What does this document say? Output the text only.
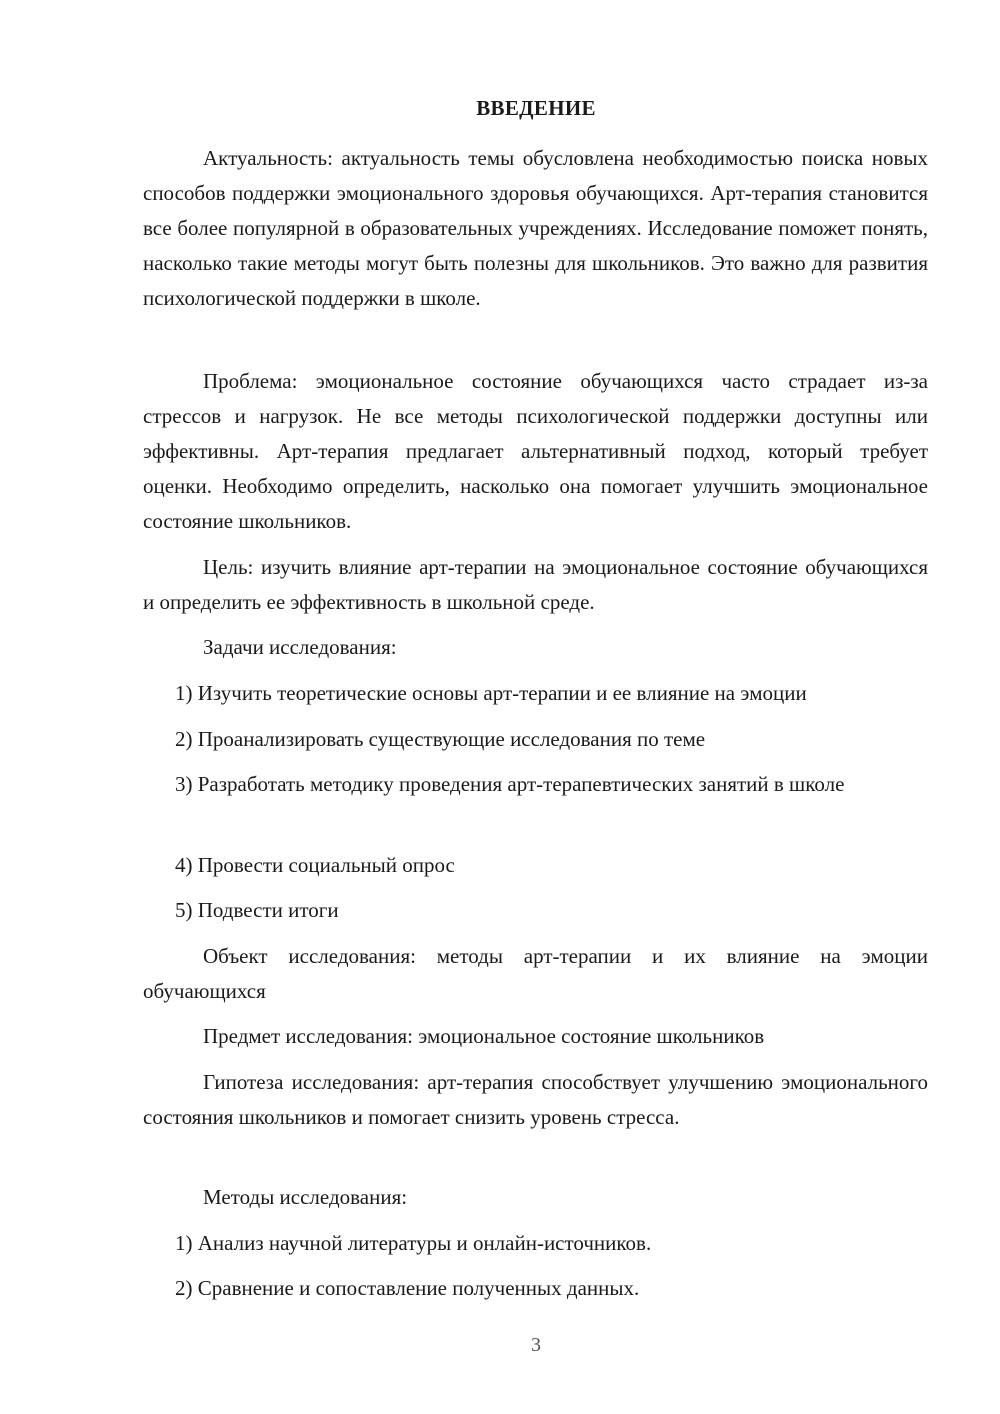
ВВЕДЕНИЕ

Актуальность: актуальность темы обусловлена необходимостью поиска новых способов поддержки эмоционального здоровья обучающихся. Арт-терапия становится все более популярной в образовательных учреждениях. Исследование поможет понять, насколько такие методы могут быть полезны для школьников. Это важно для развития психологической поддержки в школе.

Проблема: эмоциональное состояние обучающихся часто страдает из-за стрессов и нагрузок. Не все методы психологической поддержки доступны или эффективны. Арт-терапия предлагает альтернативный подход, который требует оценки. Необходимо определить, насколько она помогает улучшить эмоциональное состояние школьников.

Цель: изучить влияние арт-терапии на эмоциональное состояние обучающихся и определить ее эффективность в школьной среде.

Задачи исследования:

1) Изучить теоретические основы арт-терапии и ее влияние на эмоции

2) Проанализировать существующие исследования по теме

3) Разработать методику проведения арт-терапевтических занятий в школе

4) Провести социальный опрос

5) Подвести итоги

Объект исследования: методы арт-терапии и их влияние на эмоции обучающихся

Предмет исследования: эмоциональное состояние школьников

Гипотеза исследования: арт-терапия способствует улучшению эмоционального состояния школьников и помогает снизить уровень стресса.

Методы исследования:

1) Анализ научной литературы и онлайн-источников.

2) Сравнение и сопоставление полученных данных.

3
